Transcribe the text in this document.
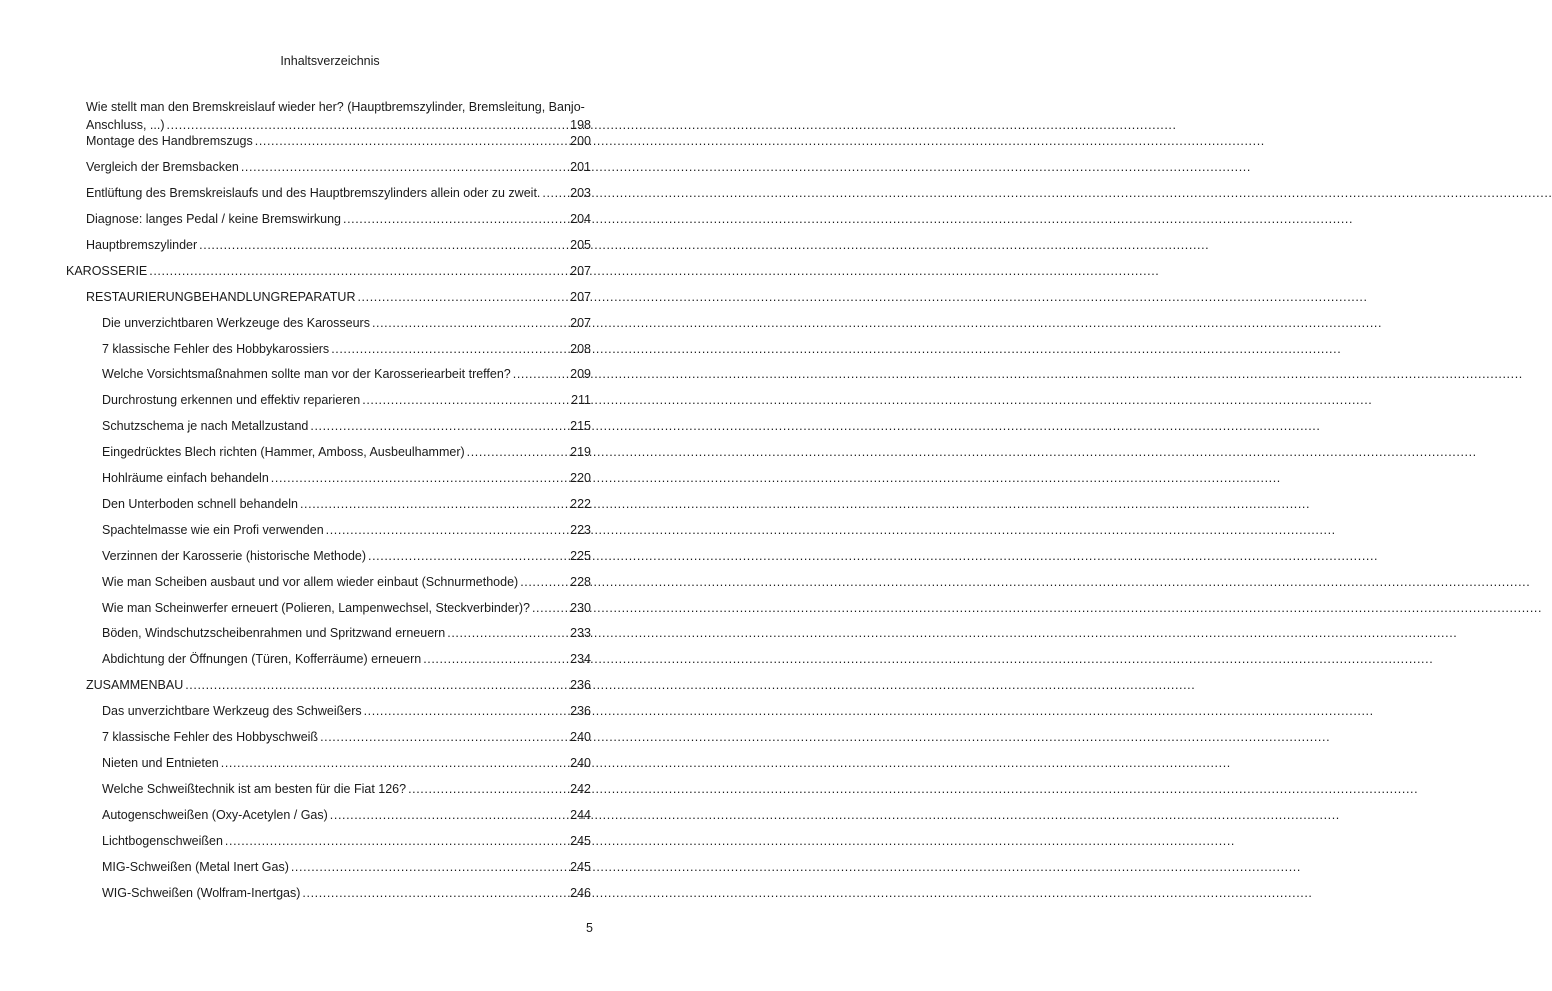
Inhaltsverzeichnis
Wie stellt man den Bremskreislauf wieder her? (Hauptbremszylinder, Bremsleitung, Banjo-
Anschluss, ...) .....	198
Montage des Handbremszugs .....	200
Vergleich der Bremsbacken .....	201
Entlüftung des Bremskreislaufs und des Hauptbremszylinders allein oder zu zweit. ..... 203
Diagnose: langes Pedal / keine Bremswirkung .....	204
Hauptbremszylinder .....	205
KAROSSERIE .....	207
RESTAURIERUNGBEHANDLUNGREPARATUR .....	207
Die unverzichtbaren Werkzeuge des Karosseurs .....	207
7 klassische Fehler des Hobbykarossiers .....	208
Welche Vorsichtsmaßnahmen sollte man vor der Karosseriearbeit treffen? .....	209
Durchrostung erkennen und effektiv reparieren .....	211
Schutzschema je nach Metallzustand .....	215
Eingedrücktes Blech richten (Hammer, Amboss, Ausbeulhammer) .....	219
Hohlräume einfach behandeln .....	220
Den Unterboden schnell behandeln .....	222
Spachtelmasse wie ein Profi verwenden .....	223
Verzinnen der Karosserie (historische Methode) .....	225
Wie man Scheiben ausbaut und vor allem wieder einbaut (Schnurmethode) .....	228
Wie man Scheinwerfer erneuert (Polieren, Lampenwechsel, Steckverbinder)? .....	230
Böden, Windschutzscheibenrahmen und Spritzwand erneuern .....	233
Abdichtung der Öffnungen (Türen, Kofferräume) erneuern .....	234
ZUSAMMENBAU .....	236
Das unverzichtbare Werkzeug des Schweißers .....	236
7 klassische Fehler des Hobbyschweiß .....	240
Nieten und Entnieten .....	240
Welche Schweißtechnik ist am besten für die Fiat 126? .....	242
Autogenschweißen (Oxy-Acetylen / Gas) .....	244
Lichtbogenschweißen .....	245
MIG-Schweißen (Metal Inert Gas) .....	245
WIG-Schweißen (Wolfram-Inertgas) .....	246
5
